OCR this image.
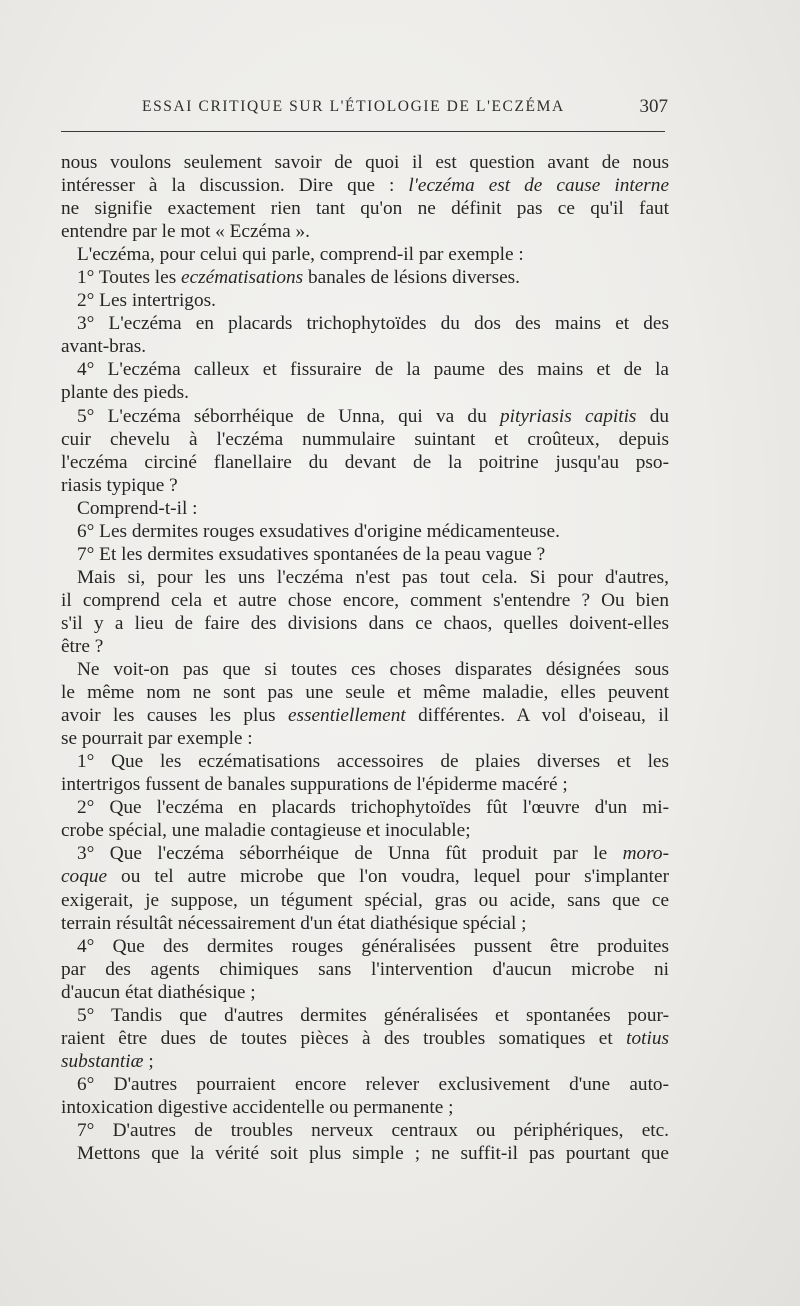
ESSAI CRITIQUE SUR L'ÉTIOLOGIE DE L'ECZÉMA	307
nous voulons seulement savoir de quoi il est question avant de nous
intéresser à la discussion. Dire que : l'eczéma est de cause interne
ne signifie exactement rien tant qu'on ne définit pas ce qu'il faut
entendre par le mot « Eczéma ».
L'eczéma, pour celui qui parle, comprend-il par exemple :
1° Toutes les eczématisations banales de lésions diverses.
2° Les intertrigos.
3° L'eczéma en placards trichophytoïdes du dos des mains et des
avant-bras.
4° L'eczéma calleux et fissuraire de la paume des mains et de la
plante des pieds.
5° L'eczéma séborrhéique de Unna, qui va du pityriasis capitis du
cuir chevelu à l'eczéma nummulaire suintant et croûteux, depuis
l'eczéma circiné flanellaire du devant de la poitrine jusqu'au pso-
riasis typique ?
Comprend-t-il :
6° Les dermites rouges exsudatives d'origine médicamenteuse.
7° Et les dermites exsudatives spontanées de la peau vague ?
Mais si, pour les uns l'eczéma n'est pas tout cela. Si pour d'autres,
il comprend cela et autre chose encore, comment s'entendre ? Ou bien
s'il y a lieu de faire des divisions dans ce chaos, quelles doivent-elles
être ?
Ne voit-on pas que si toutes ces choses disparates désignées sous
le même nom ne sont pas une seule et même maladie, elles peuvent
avoir les causes les plus essentiellement différentes. A vol d'oiseau, il
se pourrait par exemple :
1° Que les eczématisations accessoires de plaies diverses et les
intertrigos fussent de banales suppurations de l'épiderme macéré ;
2° Que l'eczéma en placards trichophytoïdes fût l'œuvre d'un mi-
crobe spécial, une maladie contagieuse et inoculable;
3° Que l'eczéma séborrhéique de Unna fût produit par le moro-
coque ou tel autre microbe que l'on voudra, lequel pour s'implanter
exigerait, je suppose, un tégument spécial, gras ou acide, sans que ce
terrain résultât nécessairement d'un état diathésique spécial ;
4° Que des dermites rouges généralisées pussent être produites
par des agents chimiques sans l'intervention d'aucun microbe ni
d'aucun état diathésique ;
5° Tandis que d'autres dermites généralisées et spontanées pour-
raient être dues de toutes pièces à des troubles somatiques et totius
substantiæ ;
6° D'autres pourraient encore relever exclusivement d'une auto-
intoxication digestive accidentelle ou permanente ;
7° D'autres de troubles nerveux centraux ou périphériques, etc.
Mettons que la vérité soit plus simple ; ne suffit-il pas pourtant que
